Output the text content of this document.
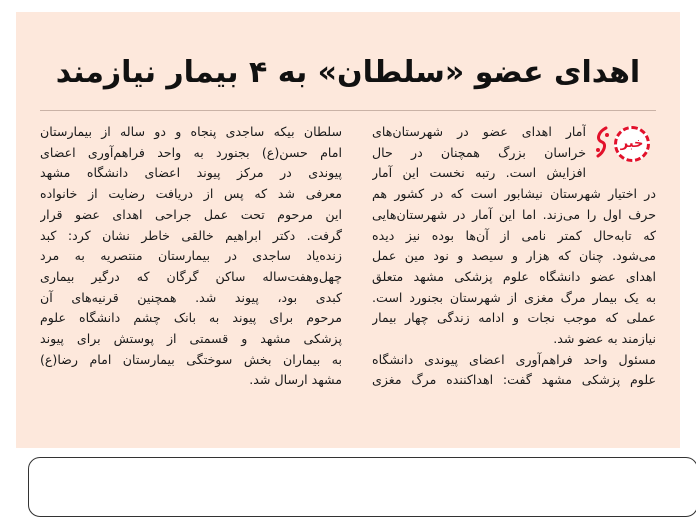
اهدای عضو «سلطان» به ۴ بیمار نیازمند
خبر
آمار اهدای عضو در شهرستان‌های
خراسان بزرگ همچنان در حال
افزایش است. رتبه نخست این آمار
در اختیار شهرستان نیشابور است که در کشور هم
حرف اول را می‌زند. اما این آمار در شهرستان‌هایی
که تابه‌حال کمتر نامی از آن‌ها بوده نیز دیده
می‌شود. چنان که هزار و سیصد و نود مین عمل
اهدای عضو دانشگاه علوم پزشکی مشهد متعلق
به یک بیمار مرگ مغزی از شهرستان بجنورد است.
عملی که موجب نجات و ادامه زندگی چهار بیمار
نیازمند به عضو شد.
مسئول واحد فراهم‌آوری اعضای پیوندی دانشگاه
علوم پزشکی مشهد گفت: اهداکننده مرگ مغزی
سلطان بیکه ساجدی پنجاه و دو ساله از بیمارستان
امام حسن(ع) بجنورد به واحد فراهم‌آوری اعضای
پیوندی در مرکز پیوند اعضای دانشگاه مشهد
معرفی شد که پس از دریافت رضایت از خانواده
این مرحوم تحت عمل جراحی اهدای عضو قرار
گرفت. دکتر ابراهیم خالقی خاطر نشان کرد: کبد
زنده‌یاد ساجدی در بیمارستان منتصریه به مرد
چهل‌وهفت‌ساله ساکن گرگان که درگیر بیماری
کبدی بود، پیوند شد. همچنین قرنیه‌های آن
مرحوم برای پیوند به بانک چشم دانشگاه علوم
پزشکی مشهد و قسمتی از پوستش برای پیوند
به بیماران بخش سوختگی بیمارستان امام رضا(ع)
مشهد ارسال شد.
